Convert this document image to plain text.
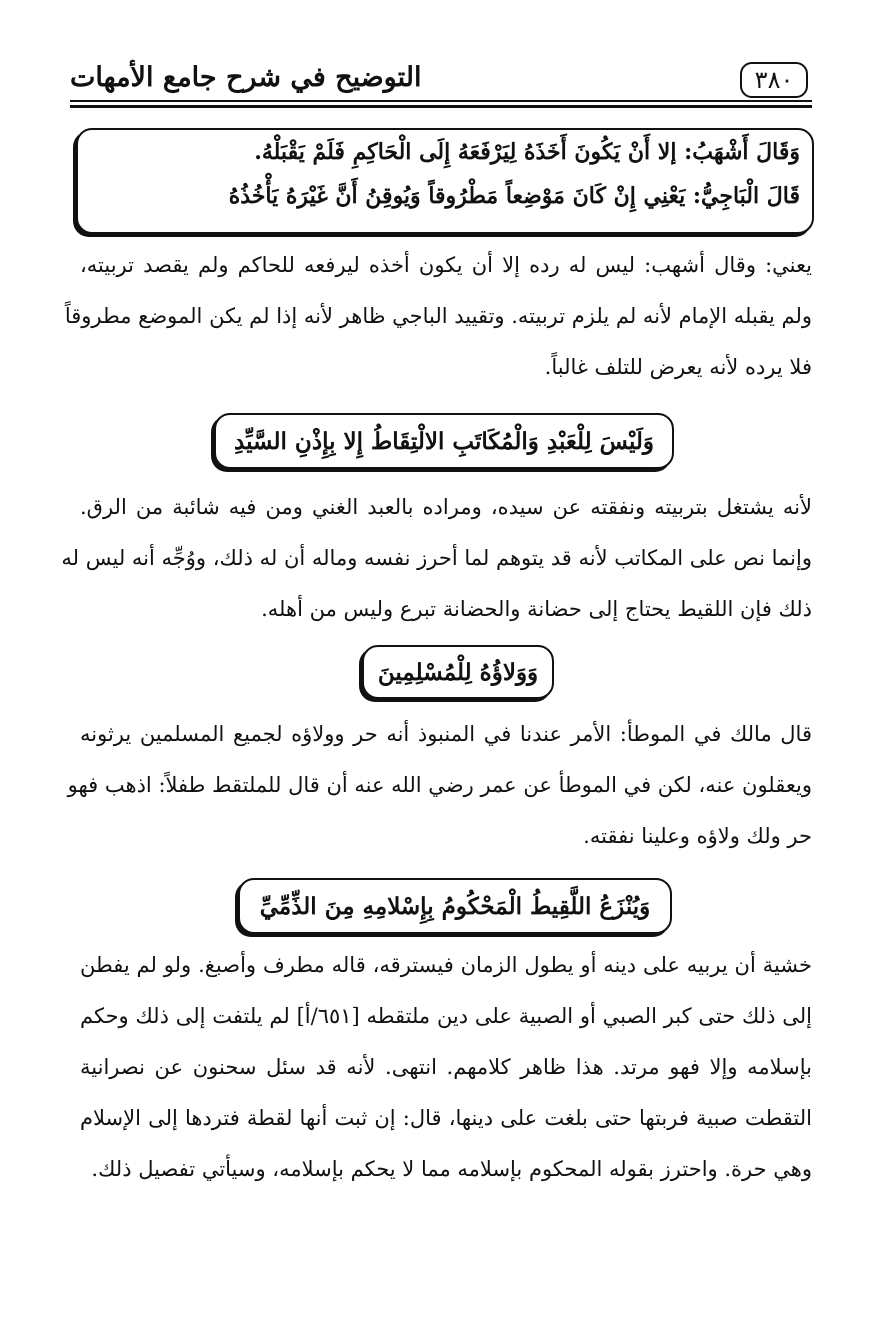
٣٨٠
التوضيح في شرح جامع الأمهات
وَقَالَ أَشْهَبُ: إلا أَنْ يَكُونَ أَخَذَهُ لِيَرْفَعَهُ إِلَى الْحَاكِمِ فَلَمْ يَقْبَلْهُ.
قَالَ الْبَاجِيُّ: يَعْنِي إِنْ كَانَ مَوْضِعاً مَطْرُوقاً وَيُوقِنُ أَنَّ غَيْرَهُ يَأْخُذُهُ
يعني: وقال أشهب: ليس له رده إلا أن يكون أخذه ليرفعه للحاكم ولم يقصد تربيته،
ولم يقبله الإمام لأنه لم يلزم تربيته. وتقييد الباجي ظاهر لأنه إذا لم يكن الموضع مطروقاً
فلا يرده لأنه يعرض للتلف غالباً.
وَلَيْسَ لِلْعَبْدِ وَالْمُكَاتَبِ الالْتِقَاطُ إِلا بِإِذْنِ السَّيِّدِ
لأنه يشتغل بتربيته ونفقته عن سيده، ومراده بالعبد الغني ومن فيه شائبة من الرق.
وإنما نص على المكاتب لأنه قد يتوهم لما أحرز نفسه وماله أن له ذلك، ووُجِّه أنه ليس له
ذلك فإن اللقيط يحتاج إلى حضانة والحضانة تبرع وليس من أهله.
وَوَلاؤُهُ لِلْمُسْلِمِينَ
قال مالك في الموطأ: الأمر عندنا في المنبوذ أنه حر وولاؤه لجميع المسلمين يرثونه
ويعقلون عنه، لكن في الموطأ عن عمر رضي الله عنه أن قال للملتقط طفلاً: اذهب فهو
حر ولك ولاؤه وعلينا نفقته.
وَيُنْزَعُ اللَّقِيطُ الْمَحْكُومُ بِإِسْلامِهِ مِنَ الذِّمِّيِّ
خشية أن يربيه على دينه أو يطول الزمان فيسترقه، قاله مطرف وأصبغ. ولو لم يفطن
إلى ذلك حتى كبر الصبي أو الصبية على دين ملتقطه [٦٥١/أ] لم يلتفت إلى ذلك وحكم
بإسلامه وإلا فهو مرتد. هذا ظاهر كلامهم. انتهى. لأنه قد سئل سحنون عن نصرانية
التقطت صبية فربتها حتى بلغت على دينها، قال: إن ثبت أنها لقطة فتردها إلى الإسلام
وهي حرة. واحترز بقوله المحكوم بإسلامه مما لا يحكم بإسلامه، وسيأتي تفصيل ذلك.
